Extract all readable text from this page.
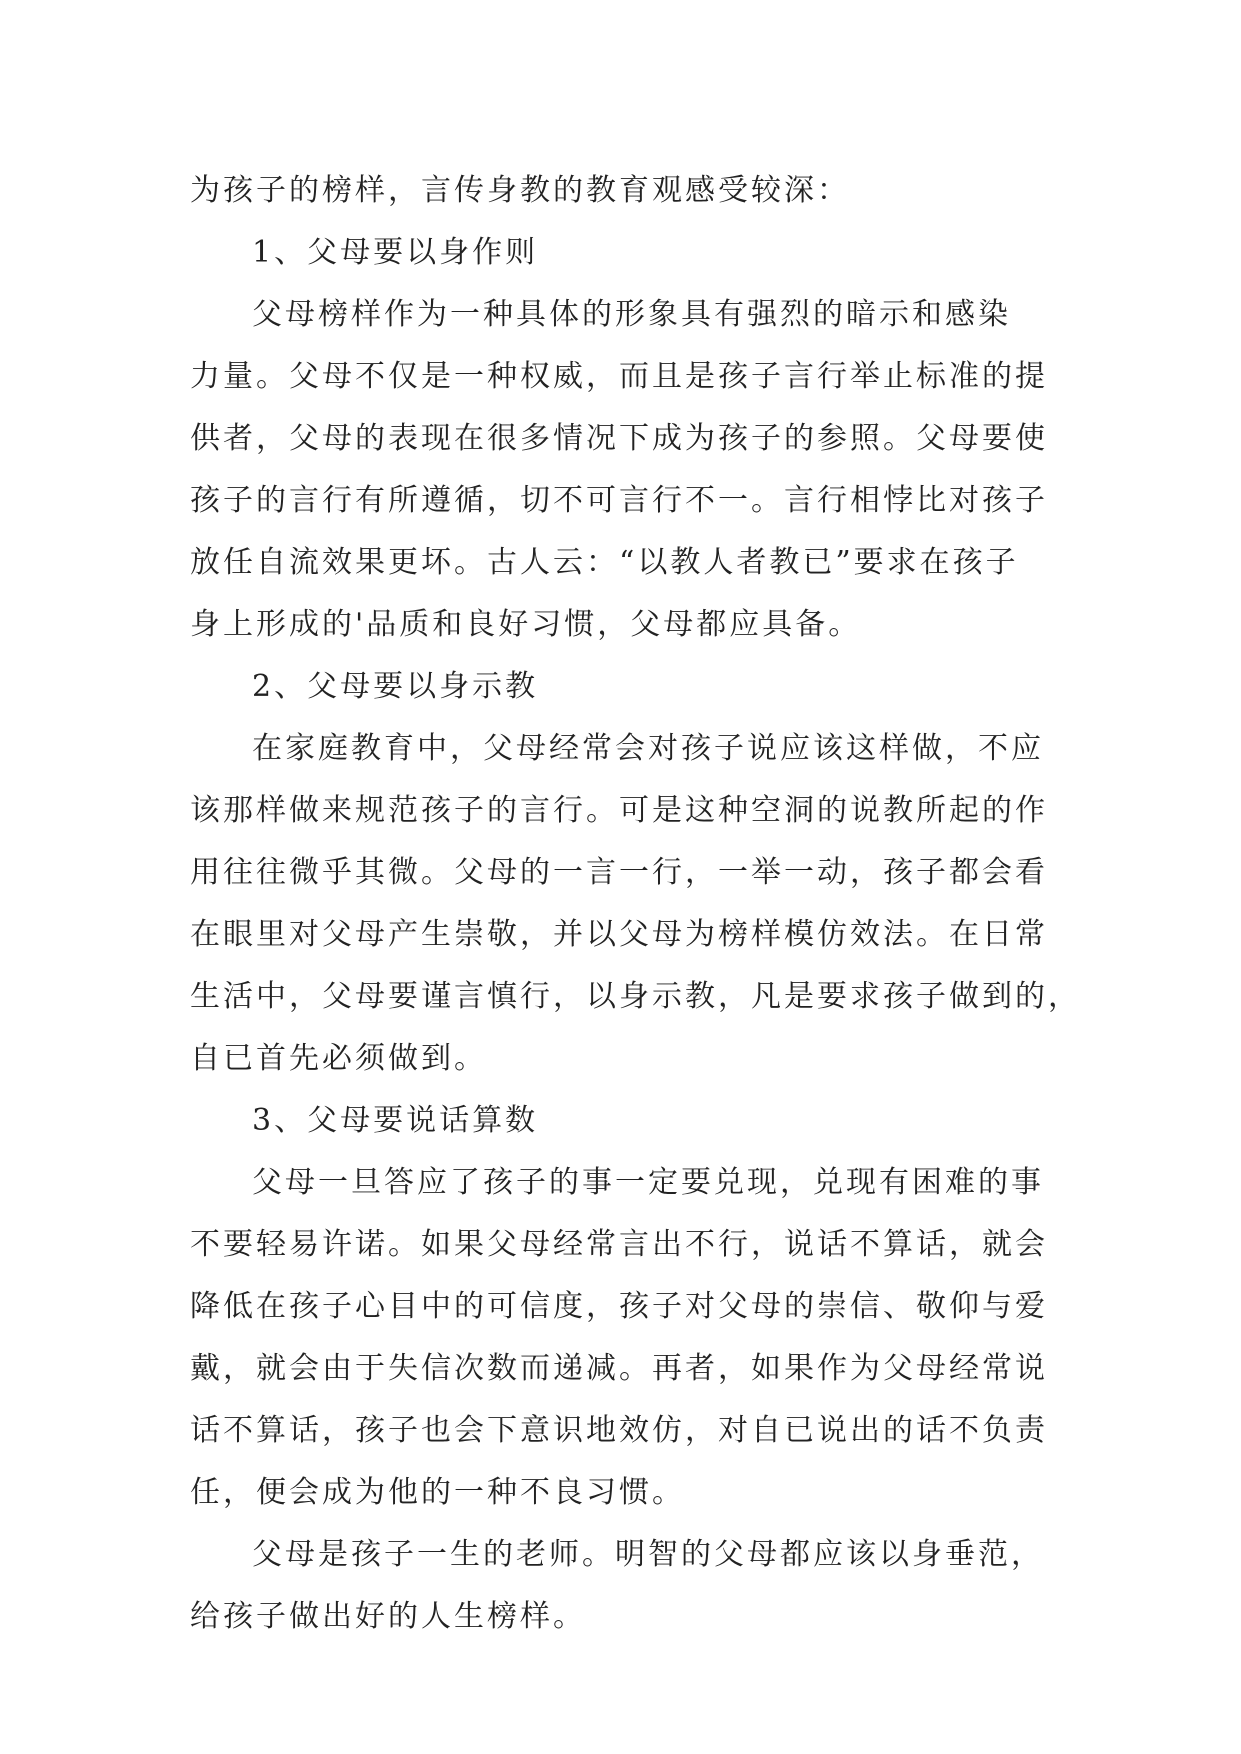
为孩子的榜样，言传身教的教育观感受较深：

1、父母要以身作则

父母榜样作为一种具体的形象具有强烈的暗示和感染

力量。父母不仅是一种权威，而且是孩子言行举止标准的提

供者，父母的表现在很多情况下成为孩子的参照。父母要使

孩子的言行有所遵循，切不可言行不一。言行相悖比对孩子

放任自流效果更坏。古人云：“以教人者教已”要求在孩子

身上形成的'品质和良好习惯，父母都应具备。

2、父母要以身示教

在家庭教育中，父母经常会对孩子说应该这样做，不应

该那样做来规范孩子的言行。可是这种空洞的说教所起的作

用往往微乎其微。父母的一言一行，一举一动，孩子都会看

在眼里对父母产生崇敬，并以父母为榜样模仿效法。在日常

生活中，父母要谨言慎行，以身示教，凡是要求孩子做到的，

自已首先必须做到。

3、父母要说话算数

父母一旦答应了孩子的事一定要兑现，兑现有困难的事

不要轻易许诺。如果父母经常言出不行，说话不算话，就会

降低在孩子心目中的可信度，孩子对父母的崇信、敬仰与爱

戴，就会由于失信次数而递减。再者，如果作为父母经常说

话不算话，孩子也会下意识地效仿，对自已说出的话不负责

任，便会成为他的一种不良习惯。

父母是孩子一生的老师。明智的父母都应该以身垂范，

给孩子做出好的人生榜样。
